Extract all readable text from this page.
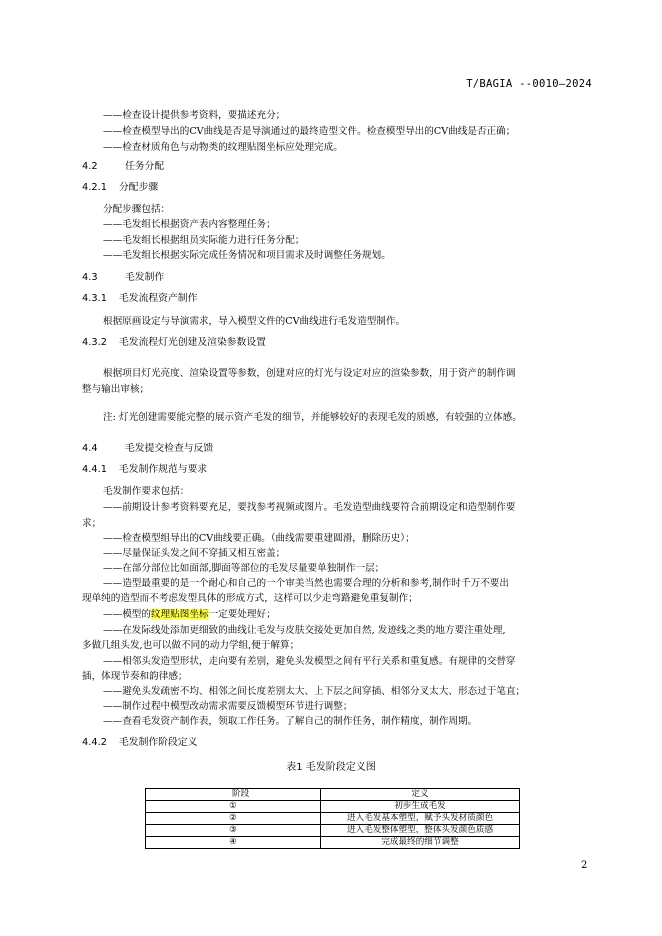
T/BAGIA --0010—2024
——检查设计提供参考资料，要描述充分；
——检查模型导出的CV曲线是否是导演通过的最终造型文件。检查模型导出的CV曲线是否正确；
——检查材质角色与动物类的纹理贴图坐标应处理完成。
4.2	任务分配
4.2.1 分配步骤
分配步骤包括：
——毛发组长根据资产表内容整理任务；
——毛发组长根据组员实际能力进行任务分配；
——毛发组长根据实际完成任务情况和项目需求及时调整任务规划。
4.3	毛发制作
4.3.1 毛发流程资产制作
根据原画设定与导演需求，导入模型文件的CV曲线进行毛发造型制作。
4.3.2 毛发流程灯光创建及渲染参数设置
根据项目灯光亮度、渲染设置等参数，创建对应的灯光与设定对应的渲染参数，用于资产的制作调
整与输出审核；
注: 灯光创建需要能完整的展示资产毛发的细节，并能够较好的表现毛发的质感，有较强的立体感。
4.4	毛发提交检查与反馈
4.4.1 毛发制作规范与要求
毛发制作要求包括：
——前期设计参考资料要充足，要找参考视频或图片。毛发造型曲线要符合前期设定和造型制作要
求；
——检查模型组导出的CV曲线要正确。（曲线需要重建圆滑，删除历史）；
——尽量保证头发之间不穿插又相互密盖；
——在部分部位比如面部,脚面等部位的毛发尽量要单独制作一层；
——造型最重要的是一个耐心和自己的一个审美当然也需要合理的分析和参考,制作时千万不要出
现单纯的造型而不考虑发型具体的形成方式，这样可以少走弯路避免重复制作；
——模型的纹理贴图坐标一定要处理好；
——在发际线处添加更细致的曲线让毛发与皮肤交接处更加自然, 发迹线之类的地方要注重处理,
多做几组头发,也可以做不同的动力学组,便于解算；
——相邻头发造型形状，走向要有差别，避免头发模型之间有平行关系和重复感。有规律的交替穿
插，体现节奏和韵律感；
——避免头发疏密不均、相邻之间长度差别太大、上下层之间穿插、相邻分叉太大、形态过于笔直；
——制作过程中模型改动需求需要反馈模型环节进行调整；
——查看毛发资产制作表，领取工作任务。了解自己的制作任务，制作精度，制作周期。
4.4.2 毛发制作阶段定义
表1 毛发阶段定义图
阶段	定义
①	初步生成毛发
②	进入毛发基本塑型，赋予头发材质颜色
③	进入毛发整体塑型，整体头发颜色质感
④	完成最终的细节调整
2
